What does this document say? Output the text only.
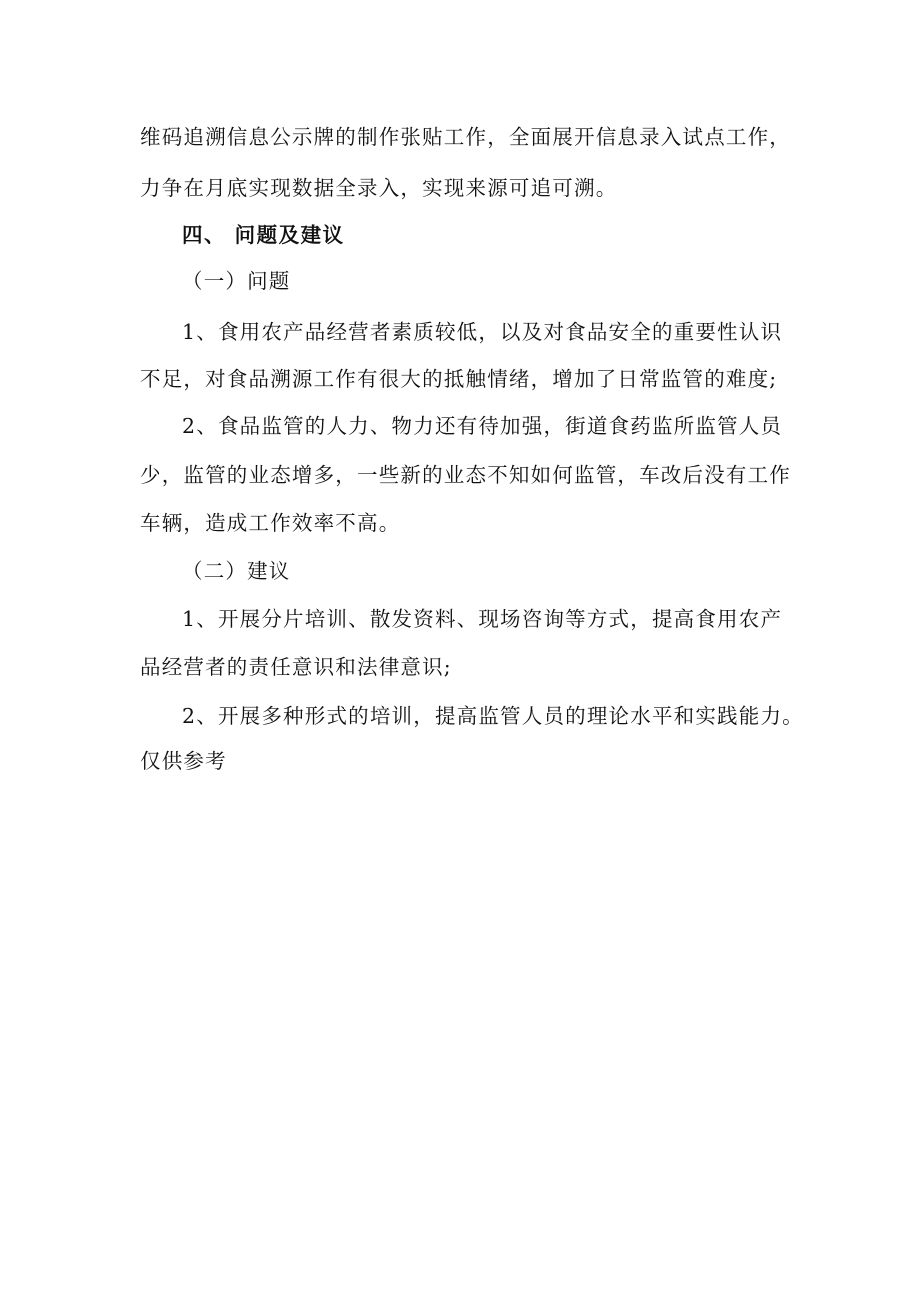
维码追溯信息公示牌的制作张贴工作，全面展开信息录入试点工作，
力争在月底实现数据全录入，实现来源可追可溯。
四、 问题及建议
（一）问题
1、食用农产品经营者素质较低，以及对食品安全的重要性认识
不足，对食品溯源工作有很大的抵触情绪，增加了日常监管的难度;
2、食品监管的人力、物力还有待加强，街道食药监所监管人员
少，监管的业态增多，一些新的业态不知如何监管，车改后没有工作
车辆，造成工作效率不高。
（二）建议
1、开展分片培训、散发资料、现场咨询等方式，提高食用农产
品经营者的责任意识和法律意识;
2、开展多种形式的培训，提高监管人员的理论水平和实践能力。
仅供参考
